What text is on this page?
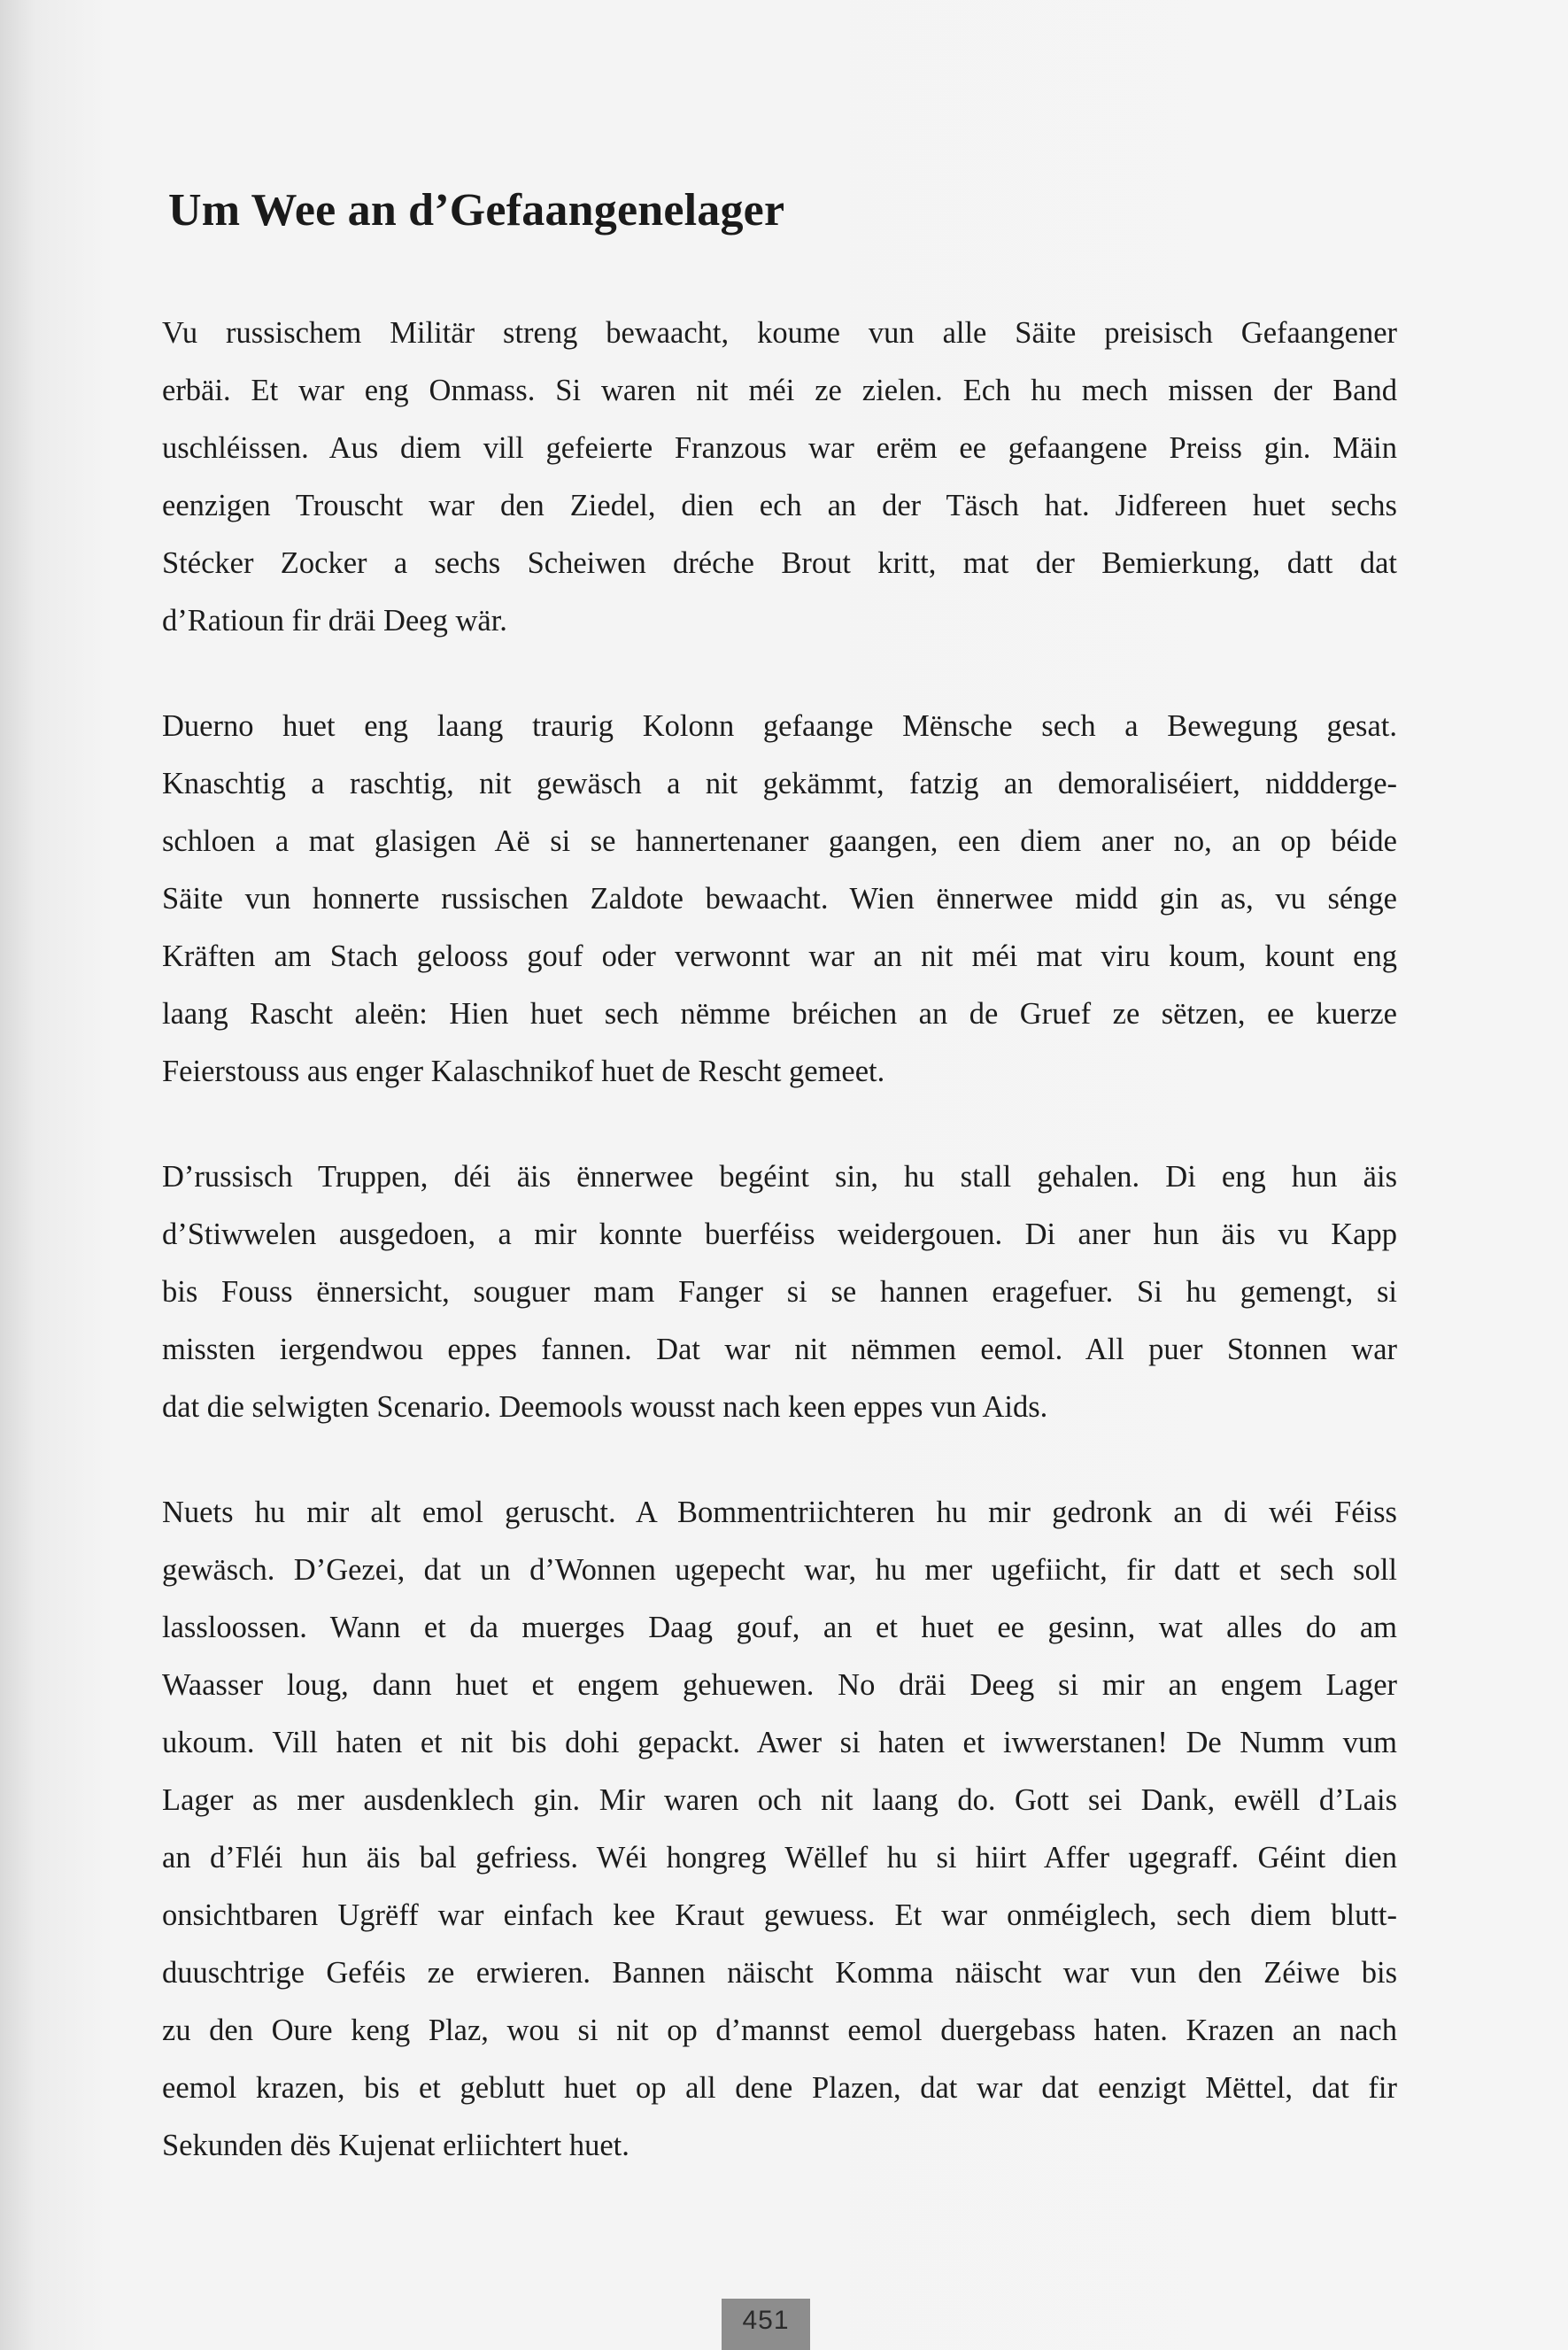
Um Wee an d’Gefaangenelager

Vu russischem Militär streng bewaacht, koume vun alle Säite preisisch Gefaangener
erbäi. Et war eng Onmass. Si waren nit méi ze zielen. Ech hu mech missen der Band
uschléissen. Aus diem vill gefeierte Franzous war erëm ee gefaangene Preiss gin. Mäin
eenzigen Trouscht war den Ziedel, dien ech an der Täsch hat. Jidfereen huet sechs
Stécker Zocker a sechs Scheiwen dréche Brout kritt, mat der Bemierkung, datt dat
d’Ratioun fir dräi Deeg wär.

Duerno huet eng laang traurig Kolonn gefaange Mënsche sech a Bewegung gesat.
Knaschtig a raschtig, nit gewäsch a nit gekämmt, fatzig an demoraliséiert, niddderge-
schloen a mat glasigen Aë si se hannertenaner gaangen, een diem aner no, an op béide
Säite vun honnerte russischen Zaldote bewaacht. Wien ënnerwee midd gin as, vu sénge
Kräften am Stach gelooss gouf oder verwonnt war an nit méi mat viru koum, kount eng
laang Rascht aleën: Hien huet sech nëmme bréichen an de Gruef ze sëtzen, ee kuerze
Feierstouss aus enger Kalaschnikof huet de Rescht gemeet.

D’russisch Truppen, déi äis ënnerwee begéint sin, hu stall gehalen. Di eng hun äis
d’Stiwwelen ausgedoen, a mir konnte buerféiss weidergouen. Di aner hun äis vu Kapp
bis Fouss ënnersicht, souguer mam Fanger si se hannen eragefuer. Si hu gemengt, si
missten iergendwou eppes fannen. Dat war nit nëmmen eemol. All puer Stonnen war
dat die selwigten Scenario. Deemools wousst nach keen eppes vun Aids.

Nuets hu mir alt emol geruscht. A Bommentriichteren hu mir gedronk an di wéi Féiss
gewäsch. D’Gezei, dat un d’Wonnen ugepecht war, hu mer ugefiicht, fir datt et sech soll
lassloossen. Wann et da muerges Daag gouf, an et huet ee gesinn, wat alles do am
Waasser loug, dann huet et engem gehuewen. No dräi Deeg si mir an engem Lager
ukoum. Vill haten et nit bis dohi gepackt. Awer si haten et iwwerstanen! De Numm vum
Lager as mer ausdenklech gin. Mir waren och nit laang do. Gott sei Dank, ewëll d’Lais
an d’Fléi hun äis bal gefriess. Wéi hongreg Wëllef hu si hiirt Affer ugegraff. Géint dien
onsichtbaren Ugrëff war einfach kee Kraut gewuess. Et war onméiglech, sech diem blutt-
duuschtrige Geféis ze erwieren. Bannen näischt Komma näischt war vun den Zéiwe bis
zu den Oure keng Plaz, wou si nit op d’mannst eemol duergebass haten. Krazen an nach
eemol krazen, bis et geblutt huet op all dene Plazen, dat war dat eenzigt Mëttel, dat fir
Sekunden dës Kujenat erliichtert huet.

451
